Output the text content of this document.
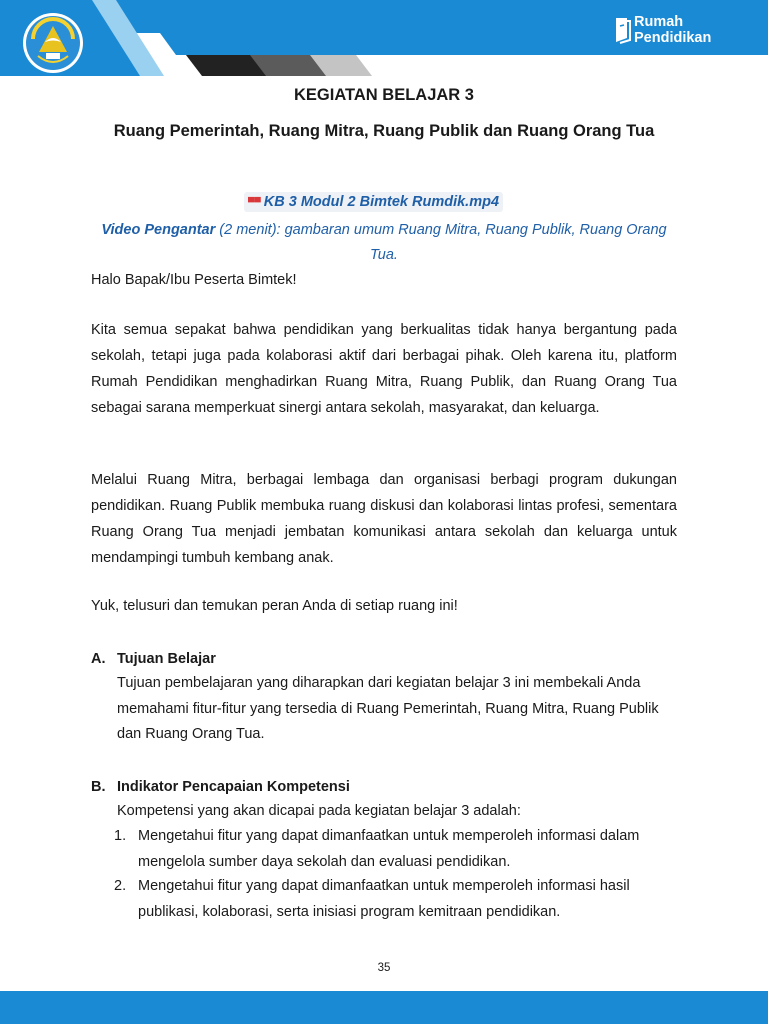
Rumah
Pendidikan
KEGIATAN BELAJAR 3
Ruang Pemerintah, Ruang Mitra, Ruang Publik dan Ruang Orang Tua
▀▀ KB 3 Modul 2 Bimtek Rumdik.mp4
Video Pengantar (2 menit): gambaran umum Ruang Mitra, Ruang Publik, Ruang Orang Tua.
Halo Bapak/Ibu Peserta Bimtek!
Kita semua sepakat bahwa pendidikan yang berkualitas tidak hanya bergantung pada sekolah, tetapi juga pada kolaborasi aktif dari berbagai pihak. Oleh karena itu, platform Rumah Pendidikan menghadirkan Ruang Mitra, Ruang Publik, dan Ruang Orang Tua sebagai sarana memperkuat sinergi antara sekolah, masyarakat, dan keluarga.
Melalui Ruang Mitra, berbagai lembaga dan organisasi berbagi program dukungan pendidikan. Ruang Publik membuka ruang diskusi dan kolaborasi lintas profesi, sementara Ruang Orang Tua menjadi jembatan komunikasi antara sekolah dan keluarga untuk mendampingi tumbuh kembang anak.
Yuk, telusuri dan temukan peran Anda di setiap ruang ini!
A. Tujuan Belajar
Tujuan pembelajaran yang diharapkan dari kegiatan belajar 3 ini membekali Anda memahami fitur-fitur yang tersedia di Ruang Pemerintah, Ruang Mitra, Ruang Publik dan Ruang Orang Tua.
B. Indikator Pencapaian Kompetensi
Kompetensi yang akan dicapai pada kegiatan belajar 3 adalah:
1. Mengetahui fitur yang dapat dimanfaatkan untuk memperoleh informasi dalam mengelola sumber daya sekolah dan evaluasi pendidikan.
2. Mengetahui fitur yang dapat dimanfaatkan untuk memperoleh informasi hasil publikasi, kolaborasi, serta inisiasi program kemitraan pendidikan.
35
